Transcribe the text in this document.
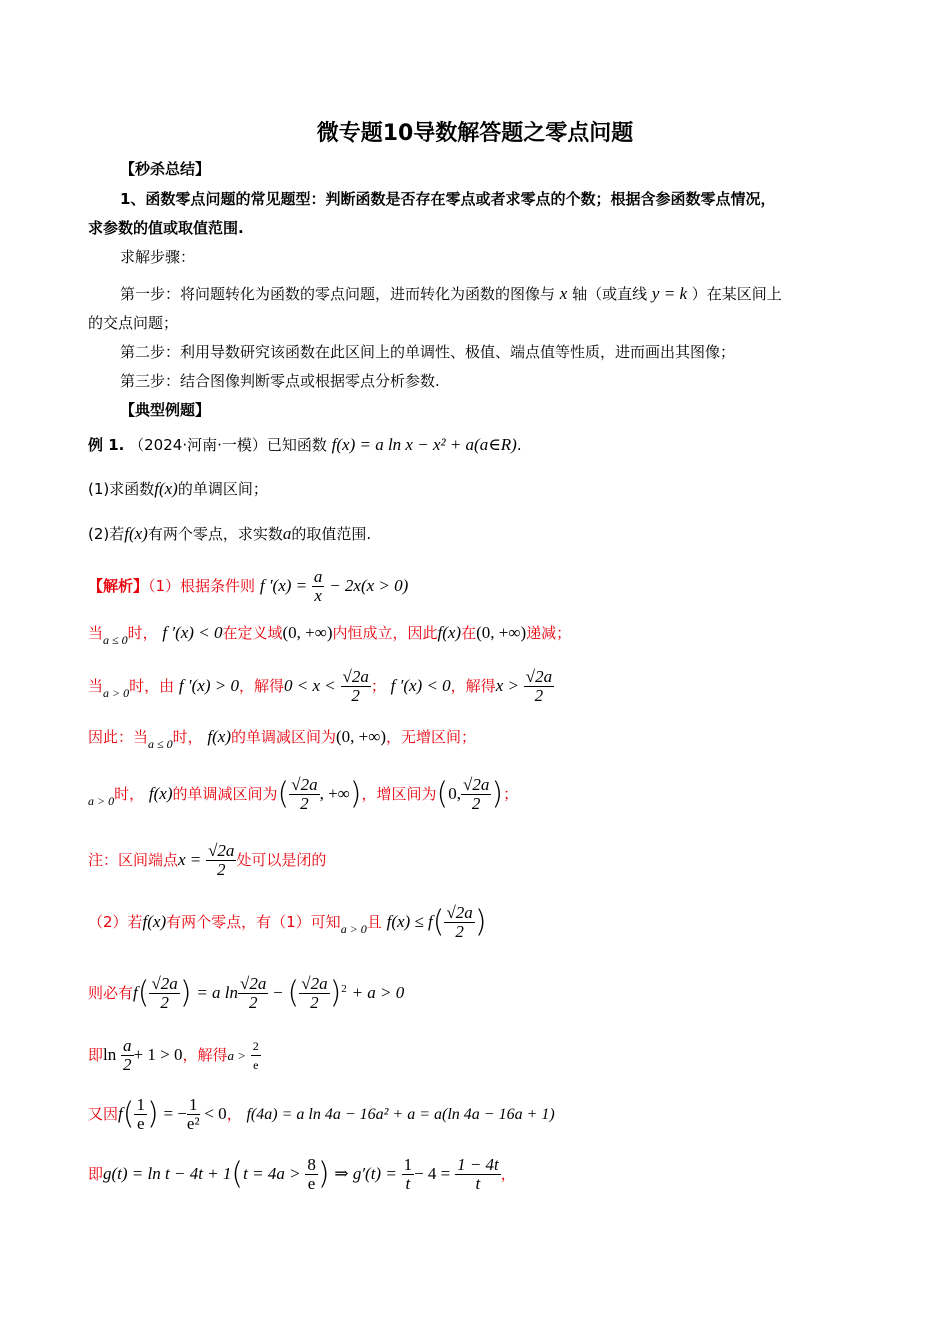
微专题10导数解答题之零点问题
【秒杀总结】
1、函数零点问题的常见题型：判断函数是否存在零点或者求零点的个数；根据含参函数零点情况，
求参数的值或取值范围.
求解步骤：
第一步：将问题转化为函数的零点问题，进而转化为函数的图像与 x 轴（或直线 y = k ）在某区间上
的交点问题；
第二步：利用导数研究该函数在此区间上的单调性、极值、端点值等性质，进而画出其图像；
第三步：结合图像判断零点或根据零点分析参数.
【典型例题】
例 1. （2024·河南·一模）已知函数 f(x) = a ln x − x² + a(a∈R).
(1)求函数f(x)的单调区间；
(2)若f(x)有两个零点，求实数a的取值范围.
【解析】（1）根据条件则 f $'(x) = \frac{a}{x} - 2x(x > 0)$
当$_{a \le 0}$时， f ′(x) < 0在定义域(0, +∞)内恒成立，因此f(x)在(0, +∞)递减；
当$_{a > 0}$时，由 f ′(x) > 0，解得$0 < x < \frac{√2a}{2}$ ； f ′(x) < 0，解得$x > \frac{√2a}{2}$
因此：当$_{a \le 0}$时， f(x)的单调减区间为(0, +∞)，无增区间；
$_{a > 0}$时， f(x)的单调减区间为( $\frac{√2a}{2}$ , +∞)，增区间为(0, $\frac{√2a}{2}$ )；
注：区间端点$x = \frac{√2a}{2}$ 处可以是闭的
（2）若f(x)有两个零点，有（1）可知$_{a > 0}$且 $f(x) \le f( \frac{√2a}{2}$ )
则必有$f( \frac{√2a}{2}$ ) = a $\ln \frac{√2a}{2}$ − ( $\frac{√2a}{2} )^2 + a > 0$
即$\ln \frac{a}{2} + 1 > 0$，解得$a > \frac{2}{e}$
又因$f( \frac{1}{e}$ ) = − $\frac{1}{\text{e²}} < 0$， f(4a) = a ln 4a − 16a² + a = a(ln 4a − 16a + 1)
即$g(t) = \ln t - 4t + 1(t = 4a > \frac{8}{e}$ ) ⇒ $g'(t) = \frac{1}{t} - 4 = \frac{1 - 4t}{t}$ ，
